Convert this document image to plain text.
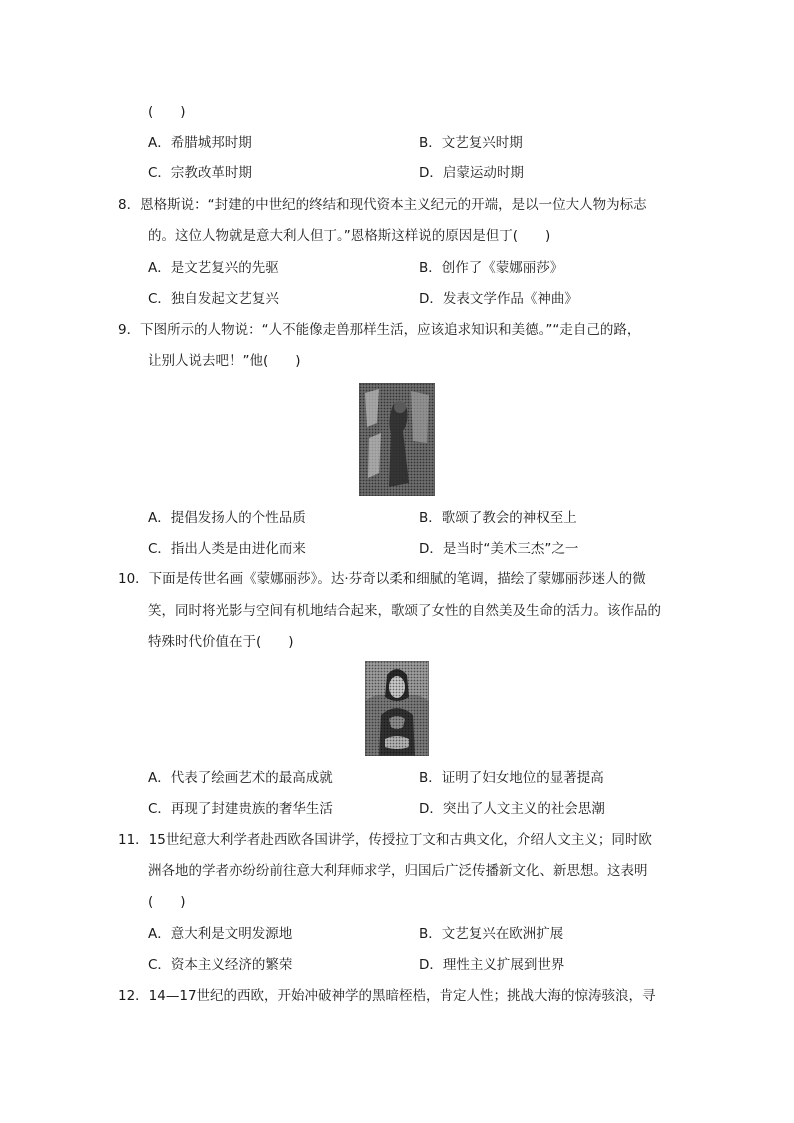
(　　)
A．希腊城邦时期	B．文艺复兴时期
C．宗教改革时期	D．启蒙运动时期
8．恩格斯说：“封建的中世纪的终结和现代资本主义纪元的开端，是以一位大人物为标志
的。这位人物就是意大利人但丁。”恩格斯这样说的原因是但丁(　　)
A．是文艺复兴的先驱	B．创作了《蒙娜丽莎》
C．独自发起文艺复兴	D．发表文学作品《神曲》
9．下图所示的人物说：“人不能像走兽那样生活，应该追求知识和美德。”“走自己的路，
让别人说去吧！”他(　　)
A．提倡发扬人的个性品质	B．歌颂了教会的神权至上
C．指出人类是由进化而来	D．是当时“美术三杰”之一
10．下面是传世名画《蒙娜丽莎》。达·芬奇以柔和细腻的笔调，描绘了蒙娜丽莎迷人的微
笑，同时将光影与空间有机地结合起来，歌颂了女性的自然美及生命的活力。该作品的
特殊时代价值在于(　　)
A．代表了绘画艺术的最高成就	B．证明了妇女地位的显著提高
C．再现了封建贵族的奢华生活	D．突出了人文主义的社会思潮
11．15世纪意大利学者赴西欧各国讲学，传授拉丁文和古典文化，介绍人文主义；同时欧
洲各地的学者亦纷纷前往意大利拜师求学，归国后广泛传播新文化、新思想。这表明
(　　)
A．意大利是文明发源地	B．文艺复兴在欧洲扩展
C．资本主义经济的繁荣	D．理性主义扩展到世界
12．14—17世纪的西欧，开始冲破神学的黑暗桎梏，肯定人性；挑战大海的惊涛骇浪，寻
